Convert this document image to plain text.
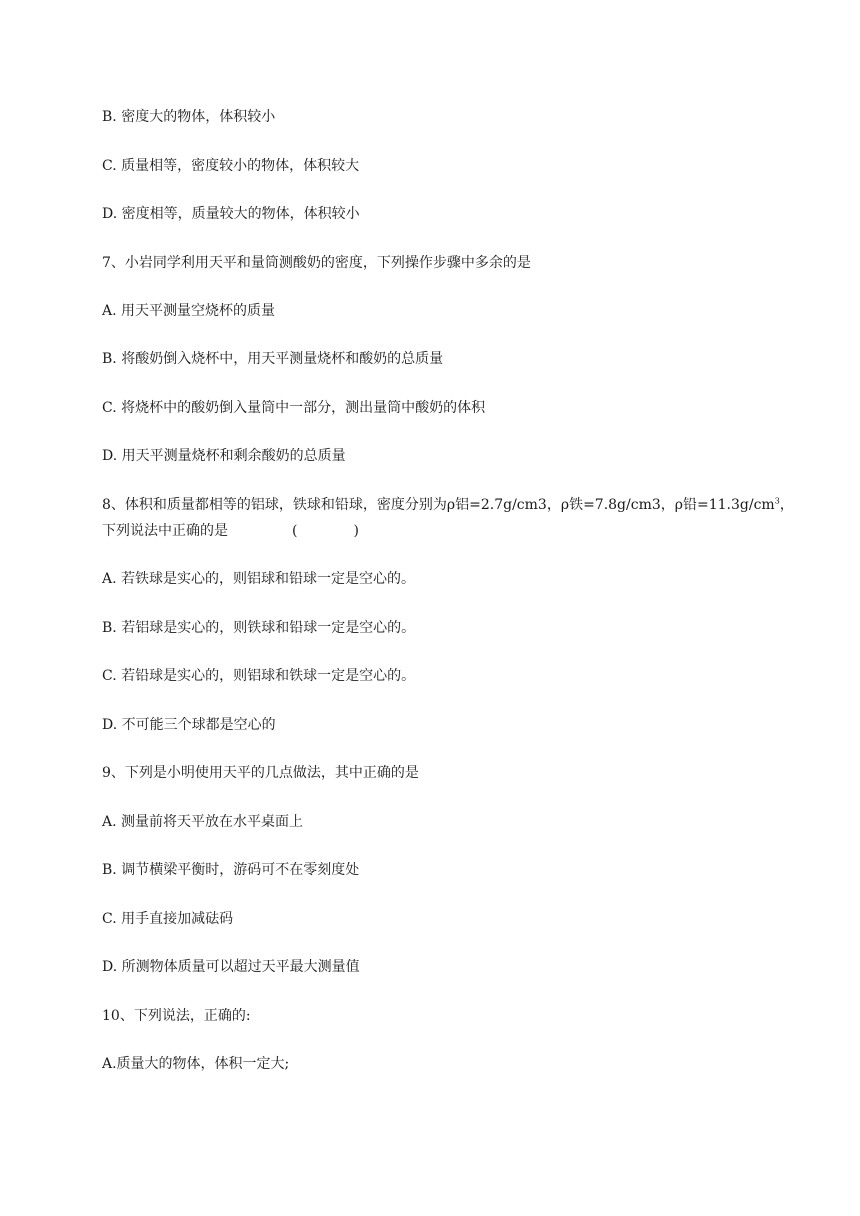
B. 密度大的物体，体积较小
C. 质量相等，密度较小的物体，体积较大
D. 密度相等，质量较大的物体，体积较小
7、小岩同学利用天平和量筒测酸奶的密度，下列操作步骤中多余的是
A. 用天平测量空烧杯的质量
B. 将酸奶倒入烧杯中，用天平测量烧杯和酸奶的总质量
C. 将烧杯中的酸奶倒入量筒中一部分，测出量筒中酸奶的体积
D. 用天平测量烧杯和剩余酸奶的总质量
8、体积和质量都相等的铝球，铁球和铅球，密度分别为ρ铝=2.7g/cm3，ρ铁=7.8g/cm3，ρ铅$=11.3g/cm^3$，
下列说法中正确的是	(	)
A. 若铁球是实心的，则铝球和铅球一定是空心的。
B. 若铝球是实心的，则铁球和铅球一定是空心的。
C. 若铅球是实心的，则铝球和铁球一定是空心的。
D. 不可能三个球都是空心的
9、下列是小明使用天平的几点做法，其中正确的是
A. 测量前将天平放在水平桌面上
B. 调节横梁平衡时，游码可不在零刻度处
C. 用手直接加减砝码
D. 所测物体质量可以超过天平最大测量值
10、下列说法，正确的:
A.质量大的物体，体积一定大;
